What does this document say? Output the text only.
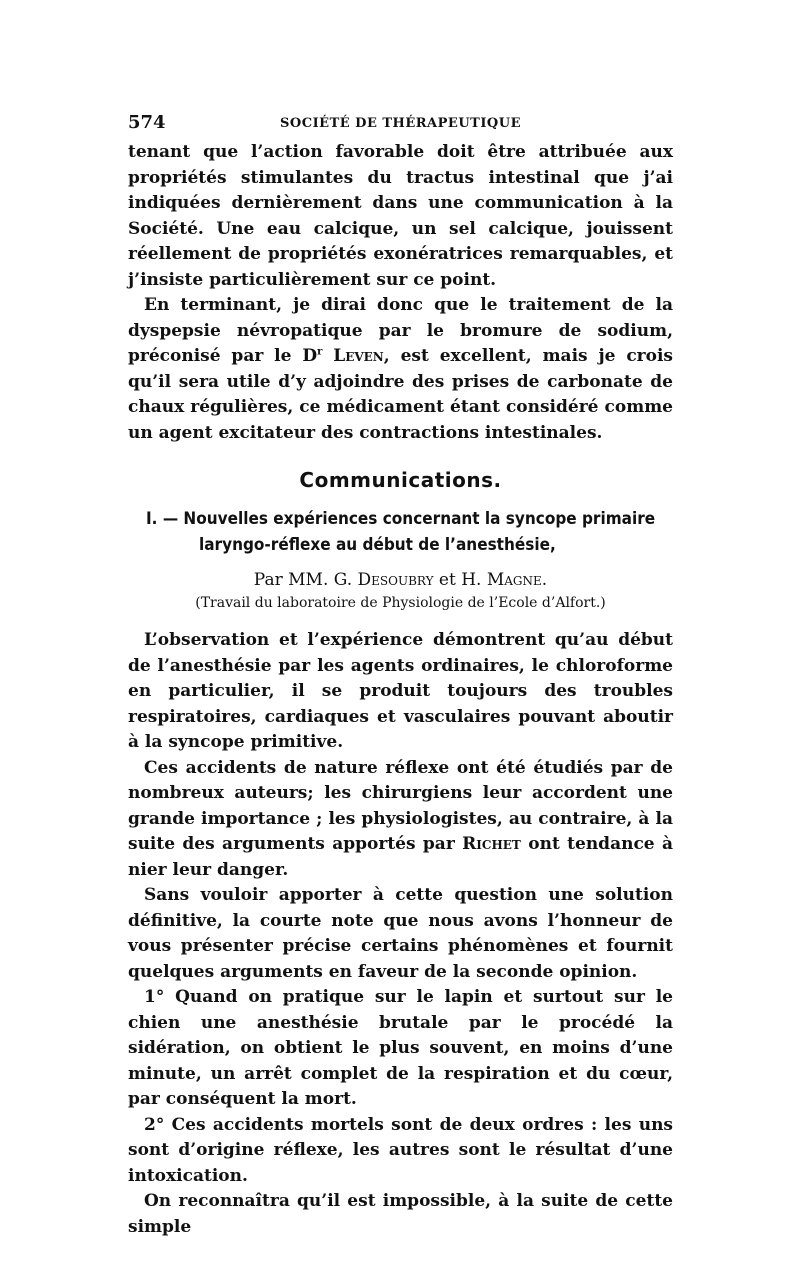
574	SOCIÉTÉ DE THÉRAPEUTIQUE

tenant que l’action favorable doit être attribuée aux propriétés stimulantes du tractus intestinal que j’ai indiquées dernièrement dans une communication à la Société. Une eau calcique, un sel calcique, jouissent réellement de propriétés exonératrices remarquables, et j’insiste particulièrement sur ce point.

En terminant, je dirai donc que le traitement de la dyspepsie névropatique par le bromure de sodium, préconisé par le $D^r$ Leven, est excellent, mais je crois qu’il sera utile d’y adjoindre des prises de carbonate de chaux régulières, ce médicament étant considéré comme un agent excitateur des contractions intestinales.

Communications.
I. — Nouvelles expériences concernant la syncope primaire
laryngo-réflexe au début de l’anesthésie,
Par MM. G. Desoubry et H. Magne.
(Travail du laboratoire de Physiologie de l’Ecole d’Alfort.)

L’observation et l’expérience démontrent qu’au début de l’anesthésie par les agents ordinaires, le chloroforme en particulier, il se produit toujours des troubles respiratoires, cardiaques et vasculaires pouvant aboutir à la syncope primitive.

Ces accidents de nature réflexe ont été étudiés par de nombreux auteurs; les chirurgiens leur accordent une grande importance ; les physiologistes, au contraire, à la suite des arguments apportés par Richet ont tendance à nier leur danger.

Sans vouloir apporter à cette question une solution définitive, la courte note que nous avons l’honneur de vous présenter précise certains phénomènes et fournit quelques arguments en faveur de la seconde opinion.

1° Quand on pratique sur le lapin et surtout sur le chien une anesthésie brutale par le procédé la sidération, on obtient le plus souvent, en moins d’une minute, un arrêt complet de la respiration et du cœur, par conséquent la mort.

2° Ces accidents mortels sont de deux ordres : les uns sont d’origine réflexe, les autres sont le résultat d’une intoxication.

On reconnaîtra qu’il est impossible, à la suite de cette simple
